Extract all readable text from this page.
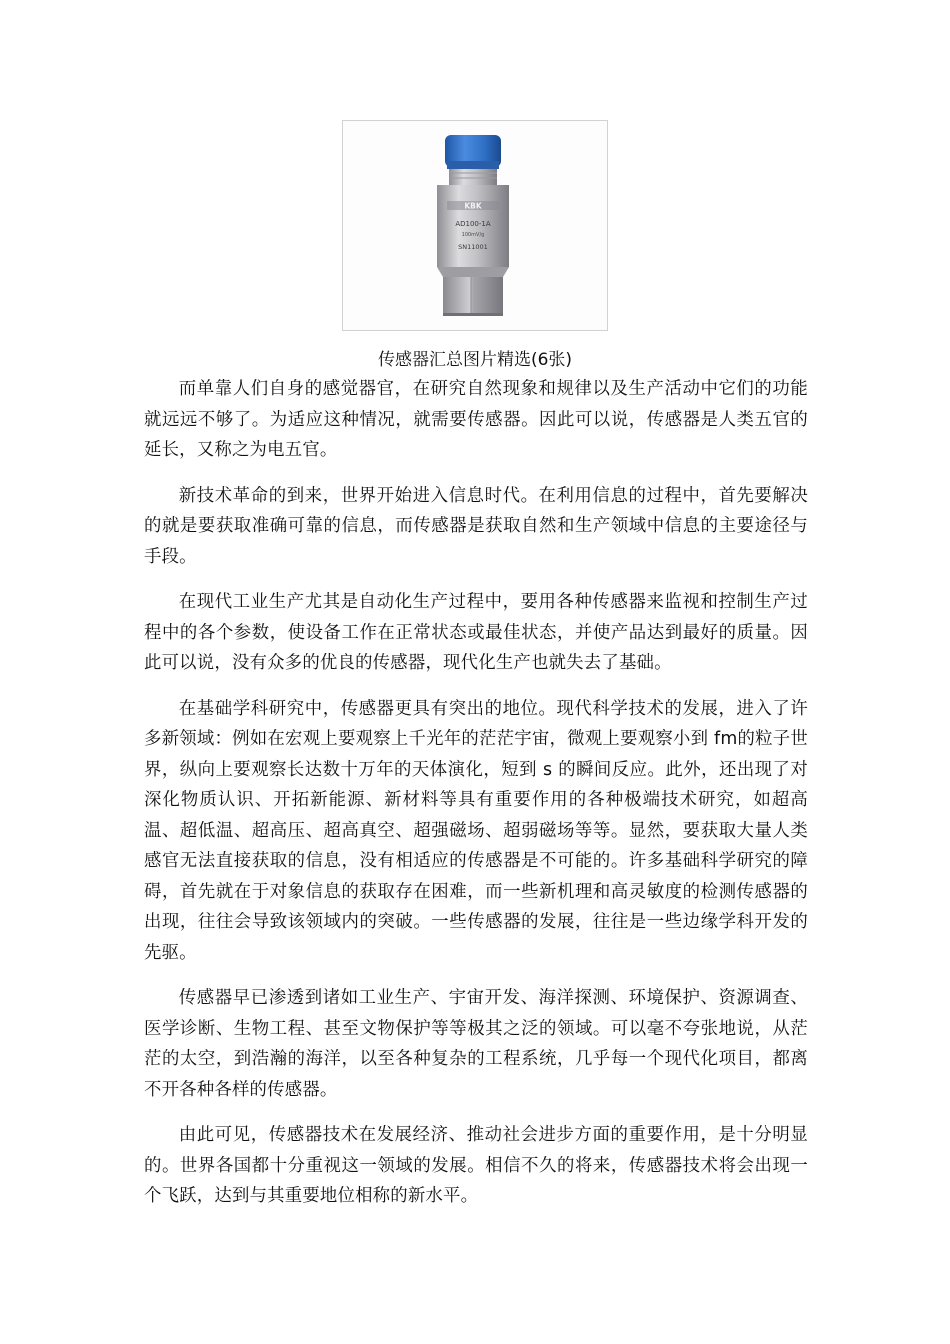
KBK
AD100-1A
100mV/g
SN11001
传感器汇总图片精选(6张)

而单靠人们自身的感觉器官，在研究自然现象和规律以及生产活动中它们的功能就远远不够了。为适应这种情况，就需要传感器。因此可以说，传感器是人类五官的延长，又称之为电五官。

新技术革命的到来，世界开始进入信息时代。在利用信息的过程中，首先要解决的就是要获取准确可靠的信息，而传感器是获取自然和生产领域中信息的主要途径与手段。

在现代工业生产尤其是自动化生产过程中，要用各种传感器来监视和控制生产过程中的各个参数，使设备工作在正常状态或最佳状态，并使产品达到最好的质量。因此可以说，没有众多的优良的传感器，现代化生产也就失去了基础。

在基础学科研究中，传感器更具有突出的地位。现代科学技术的发展，进入了许多新领域：例如在宏观上要观察上千光年的茫茫宇宙，微观上要观察小到 fm的粒子世界，纵向上要观察长达数十万年的天体演化，短到 s 的瞬间反应。此外，还出现了对深化物质认识、开拓新能源、新材料等具有重要作用的各种极端技术研究，如超高温、超低温、超高压、超高真空、超强磁场、超弱磁场等等。显然，要获取大量人类感官无法直接获取的信息，没有相适应的传感器是不可能的。许多基础科学研究的障碍，首先就在于对象信息的获取存在困难，而一些新机理和高灵敏度的检测传感器的出现，往往会导致该领域内的突破。一些传感器的发展，往往是一些边缘学科开发的先驱。

传感器早已渗透到诸如工业生产、宇宙开发、海洋探测、环境保护、资源调查、医学诊断、生物工程、甚至文物保护等等极其之泛的领域。可以毫不夸张地说，从茫茫的太空，到浩瀚的海洋，以至各种复杂的工程系统，几乎每一个现代化项目，都离不开各种各样的传感器。

由此可见，传感器技术在发展经济、推动社会进步方面的重要作用，是十分明显的。世界各国都十分重视这一领域的发展。相信不久的将来，传感器技术将会出现一个飞跃，达到与其重要地位相称的新水平。
